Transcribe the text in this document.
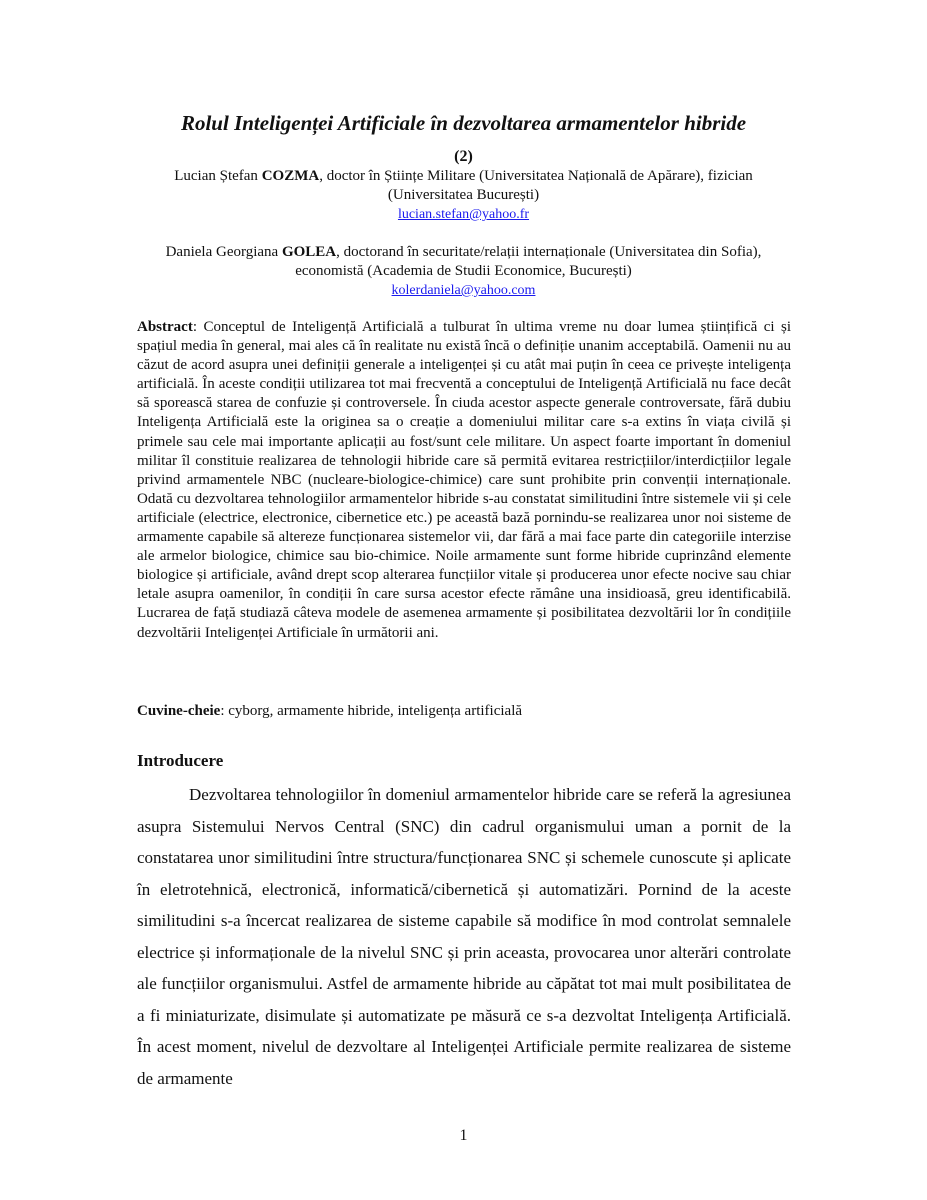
Rolul Inteligenței Artificiale în dezvoltarea armamentelor hibride
(2)
Lucian Ștefan COZMA, doctor în Științe Militare (Universitatea Națională de Apărare), fizician (Universitatea București)
lucian.stefan@yahoo.fr
Daniela Georgiana GOLEA, doctorand în securitate/relații internaționale (Universitatea din Sofia), economistă (Academia de Studii Economice, București)
kolerdaniela@yahoo.com
Abstract: Conceptul de Inteligență Artificială a tulburat în ultima vreme nu doar lumea științifică ci și spațiul media în general, mai ales că în realitate nu există încă o definiție unanim acceptabilă. Oamenii nu au căzut de acord asupra unei definiții generale a inteligenței și cu atât mai puțin în ceea ce privește inteligența artificială. În aceste condiții utilizarea tot mai frecventă a conceptului de Inteligență Artificială nu face decât să sporească starea de confuzie și controversele. În ciuda acestor aspecte generale controversate, fără dubiu Inteligența Artificială este la originea sa o creație a domeniului militar care s-a extins în viața civilă și primele sau cele mai importante aplicații au fost/sunt cele militare. Un aspect foarte important în domeniul militar îl constituie realizarea de tehnologii hibride care să permită evitarea restricțiilor/interdicțiilor legale privind armamentele NBC (nucleare-biologice-chimice) care sunt prohibite prin convenții internaționale. Odată cu dezvoltarea tehnologiilor armamentelor hibride s-au constatat similitudini între sistemele vii și cele artificiale (electrice, electronice, cibernetice etc.) pe această bază pornindu-se realizarea unor noi sisteme de armamente capabile să altereze funcționarea sistemelor vii, dar fără a mai face parte din categoriile interzise ale armelor biologice, chimice sau bio-chimice. Noile armamente sunt forme hibride cuprinzând elemente biologice și artificiale, având drept scop alterarea funcțiilor vitale și producerea unor efecte nocive sau chiar letale asupra oamenilor, în condiții în care sursa acestor efecte rămâne una insidioasă, greu identificabilă. Lucrarea de față studiază câteva modele de asemenea armamente și posibilitatea dezvoltării lor în condițiile dezvoltării Inteligenței Artificiale în următorii ani.
Cuvine-cheie: cyborg, armamente hibride, inteligența artificială
Introducere
Dezvoltarea tehnologiilor în domeniul armamentelor hibride care se referă la agresiunea asupra Sistemului Nervos Central (SNC) din cadrul organismului uman a pornit de la constatarea unor similitudini între structura/funcționarea SNC și schemele cunoscute și aplicate în eletrotehnică, electronică, informatică/cibernetică și automatizări. Pornind de la aceste similitudini s-a încercat realizarea de sisteme capabile să modifice în mod controlat semnalele electrice și informaționale de la nivelul SNC și prin aceasta, provocarea unor alterări controlate ale funcțiilor organismului. Astfel de armamente hibride au căpătat tot mai mult posibilitatea de a fi miniaturizate, disimulate și automatizate pe măsură ce s-a dezvoltat Inteligența Artificială. În acest moment, nivelul de dezvoltare al Inteligenței Artificiale permite realizarea de sisteme de armamente
1
